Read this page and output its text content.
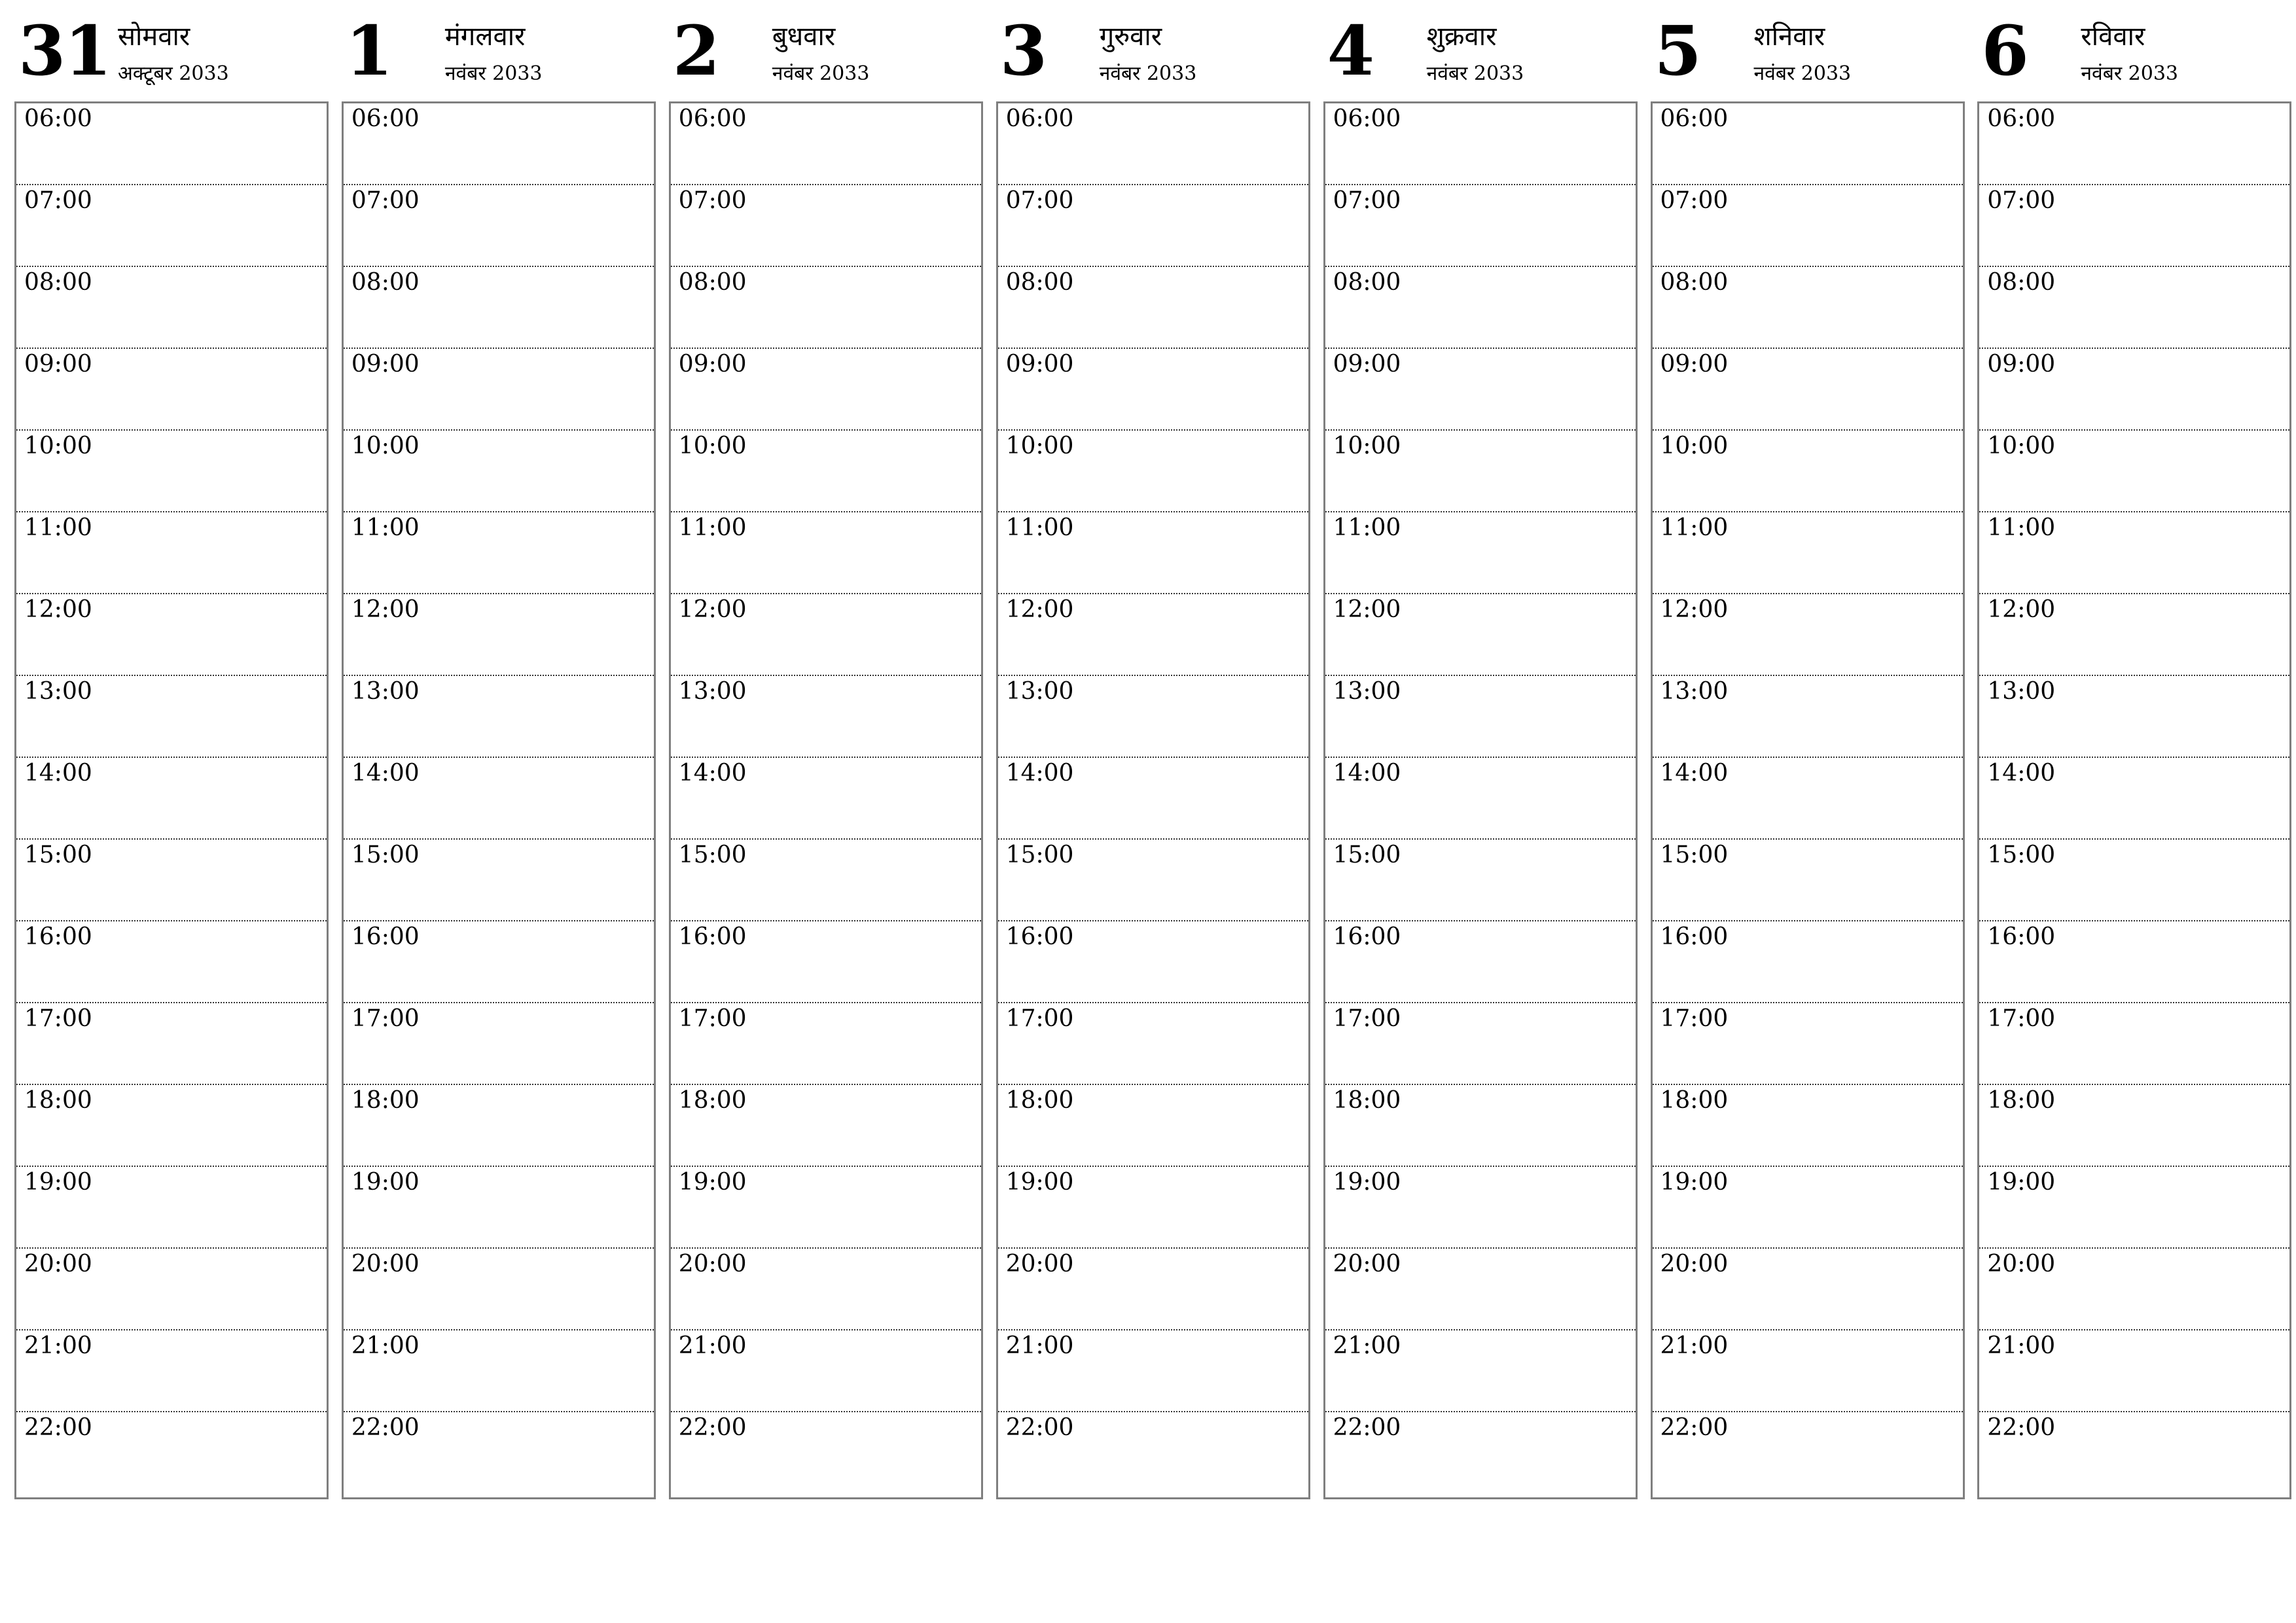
31 सोमवार
अक्टूबर 2033
06:00
07:00
08:00
09:00
10:00
11:00
12:00
13:00
14:00
15:00
16:00
17:00
18:00
19:00
20:00
21:00
22:00
1 मंगलवार
नवंबर 2033
06:00
07:00
08:00
09:00
10:00
11:00
12:00
13:00
14:00
15:00
16:00
17:00
18:00
19:00
20:00
21:00
22:00
2 बुधवार
नवंबर 2033
06:00
07:00
08:00
09:00
10:00
11:00
12:00
13:00
14:00
15:00
16:00
17:00
18:00
19:00
20:00
21:00
22:00
3 गुरुवार
नवंबर 2033
06:00
07:00
08:00
09:00
10:00
11:00
12:00
13:00
14:00
15:00
16:00
17:00
18:00
19:00
20:00
21:00
22:00
4 शुक्रवार
नवंबर 2033
06:00
07:00
08:00
09:00
10:00
11:00
12:00
13:00
14:00
15:00
16:00
17:00
18:00
19:00
20:00
21:00
22:00
5 शनिवार
नवंबर 2033
06:00
07:00
08:00
09:00
10:00
11:00
12:00
13:00
14:00
15:00
16:00
17:00
18:00
19:00
20:00
21:00
22:00
6 रविवार
नवंबर 2033
06:00
07:00
08:00
09:00
10:00
11:00
12:00
13:00
14:00
15:00
16:00
17:00
18:00
19:00
20:00
21:00
22:00
